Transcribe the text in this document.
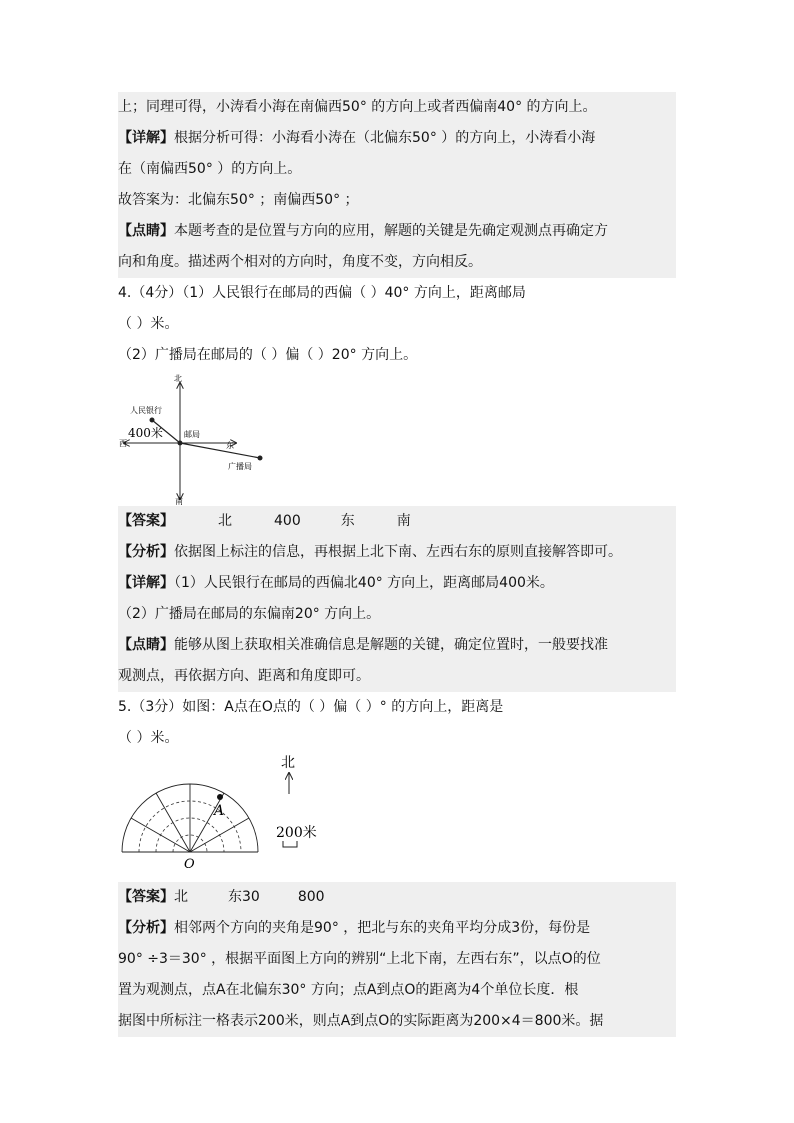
上；同理可得，小涛看小海在南偏西50° 的方向上或者西偏南40° 的方向上。
【详解】根据分析可得：小海看小涛在（北偏东50° ）的方向上，小涛看小海
在（南偏西50° ）的方向上。
故答案为：北偏东50° ；南偏西50° ；
【点睛】本题考查的是位置与方向的应用，解题的关键是先确定观测点再确定方
向和角度。描述两个相对的方向时，角度不变，方向相反。
4.（4分）（1）人民银行在邮局的西偏（ ）40° 方向上，距离邮局
（ ）米。
（2）广播局在邮局的（ ）偏（ ）20° 方向上。
北
南
西	东
人民银行
邮局
广播局
400米
【答案】	北	400	东	南
【分析】依据图上标注的信息，再根据上北下南、左西右东的原则直接解答即可。
【详解】（1）人民银行在邮局的西偏北40° 方向上，距离邮局400米。
（2）广播局在邮局的东偏南20° 方向上。
【点睛】能够从图上获取相关准确信息是解题的关键，确定位置时，一般要找准
观测点，再依据方向、距离和角度即可。
5.（3分）如图：A点在O点的（ ）偏（ ）° 的方向上，距离是
（ ）米。
A
O
北
200米
【答案】北	东30	800
【分析】相邻两个方向的夹角是90° ，把北与东的夹角平均分成3份，每份是
90° ÷3＝30° ，根据平面图上方向的辨别“上北下南，左西右东”，以点O的位
置为观测点，点A在北偏东30° 方向；点A到点O的距离为4个单位长度．根
据图中所标注一格表示200米，则点A到点O的实际距离为200×4＝800米。据
